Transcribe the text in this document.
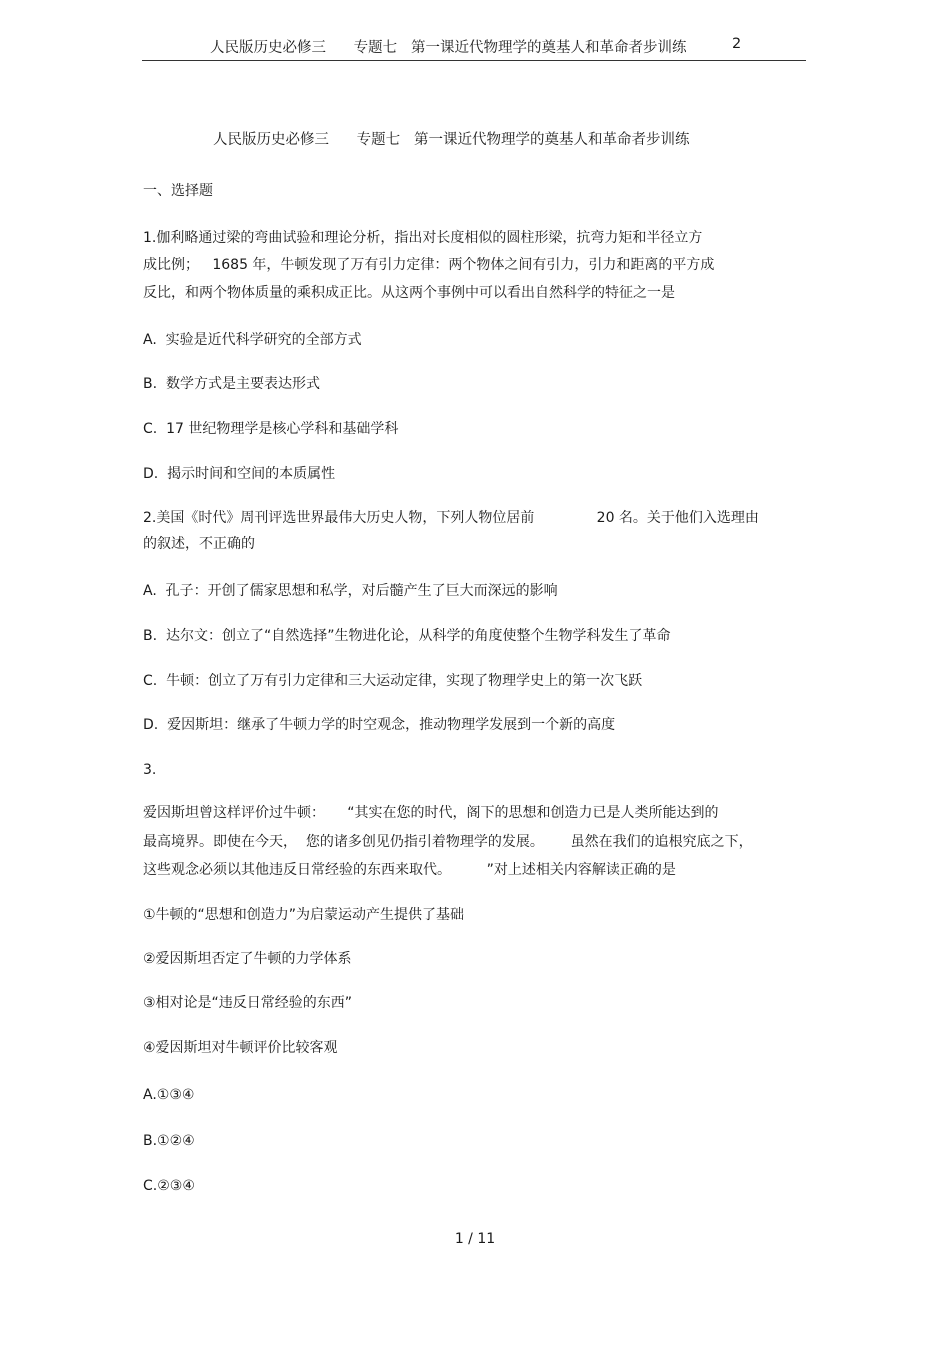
人民版历史必修三      专题七   第一课近代物理学的奠基人和革命者步训练	2
人民版历史必修三      专题七   第一课近代物理学的奠基人和革命者步训练
一、选择题
1.伽利略通过梁的弯曲试验和理论分析，指出对长度相似的圆柱形梁，抗弯力矩和半径立方
成比例；   1685 年，牛顿发现了万有引力定律：两个物体之间有引力，引力和距离的平方成
反比，和两个物体质量的乘积成正比。从这两个事例中可以看出自然科学的特征之一是
A.  实验是近代科学研究的全部方式
B.  数学方式是主要表达形式
C.  17 世纪物理学是核心学科和基础学科
D.  揭示时间和空间的本质属性
2.美国《时代》周刊评选世界最伟大历史人物，下列人物位居前              20 名。关于他们入选理由
的叙述，不正确的
A.  孔子：开创了儒家思想和私学，对后髓产生了巨大而深远的影响
B.  达尔文：创立了“自然选择”生物进化论，从科学的角度使整个生物学科发生了革命
C.  牛顿：创立了万有引力定律和三大运动定律，实现了物理学史上的第一次飞跃
D.  爱因斯坦：继承了牛顿力学的时空观念，推动物理学发展到一个新的高度
3.
爱因斯坦曾这样评价过牛顿：     “其实在您的时代，阁下的思想和创造力已是人类所能达到的
最高境界。即使在今天，  您的诸多创见仍指引着物理学的发展。      虽然在我们的追根究底之下，
这些观念必须以其他违反日常经验的东西来取代。        ”对上述相关内容解读正确的是
①牛顿的“思想和创造力”为启蒙运动产生提供了基础
②爱因斯坦否定了牛顿的力学体系
③相对论是“违反日常经验的东西”
④爱因斯坦对牛顿评价比较客观
A.①③④
B.①②④
C.②③④
1 / 11
